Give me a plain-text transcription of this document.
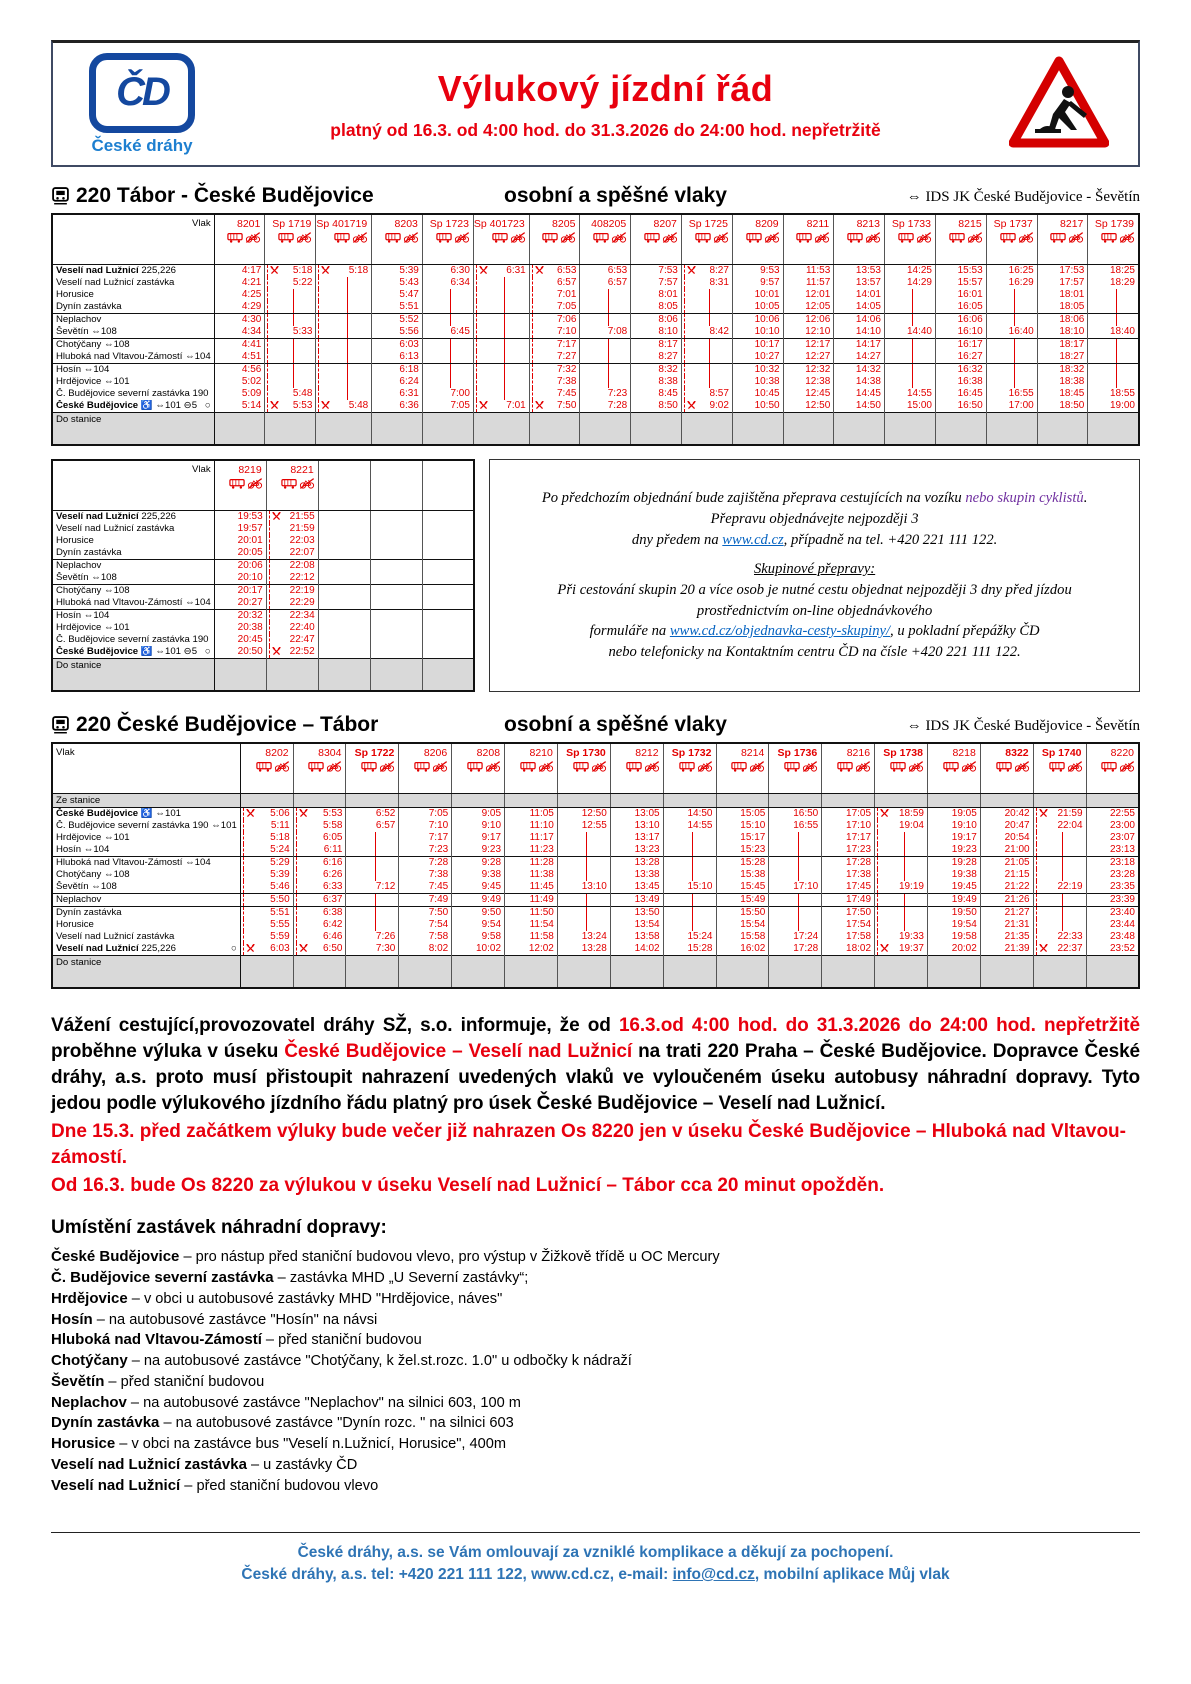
ČD
České dráhy
Výlukový jízdní řád
platný od 16.3. od 4:00 hod. do 31.3.2026 do 24:00 hod. nepřetržitě
220 Tábor - České Budějovice	osobní a spěšné vlaky	⇔ IDS JK České Budějovice - Ševětín
Vlak	8201	Sp 1719	Sp 401719	8203	Sp 1723	Sp 401723	8205	408205	8207	Sp 1725	8209	8211	8213	Sp 1733	8215	Sp 1737	8217	Sp 1739

Veselí nad Lužnicí 225,226	4:17	5:18	5:18	5:39	6:30	6:31	6:53	6:53	7:53	8:27	9:53	11:53	13:53	14:25	15:53	16:25	17:53	18:25
Veselí nad Lužnicí zastávka	4:21	5:22		5:43	6:34		6:57	6:57	7:57	8:31	9:57	11:57	13:57	14:29	15:57	16:29	17:57	18:29
Horusice	4:25			5:47			7:01		8:01		10:01	12:01	14:01		16:01		18:01	

Dynín zastávka	4:29			5:51			7:05		8:05		10:05	12:05	14:05		16:05		18:05	

Neplachov	4:30			5:52			7:06		8:06		10:06	12:06	14:06		16:06		18:06	

Ševětín ⇔108	4:34	5:33		5:56	6:45		7:10	7:08	8:10	8:42	10:10	12:10	14:10	14:40	16:10	16:40	18:10	18:40
Chotýčany ⇔108	4:41			6:03			7:17		8:17		10:17	12:17	14:17		16:17		18:17	

Hluboká nad Vltavou-Zámostí ⇔104	4:51			6:13			7:27		8:27		10:27	12:27	14:27		16:27		18:27	

Hosín ⇔104	4:56			6:18			7:32		8:32		10:32	12:32	14:32		16:32		18:32	

Hrdějovice ⇔101	5:02			6:24			7:38		8:38		10:38	12:38	14:38		16:38		18:38	

Č. Budějovice severní zastávka 190	5:09	5:48		6:31	7:00		7:45	7:23	8:45	8:57	10:45	12:45	14:45	14:55	16:45	16:55	18:45	18:55
České Budějovice ♿ ⇔101 ⊖5 ○	5:14	5:53	5:48	6:36	7:05	7:01	7:50	7:28	8:50	9:02	10:50	12:50	14:50	15:00	16:50	17:00	18:50	19:00
Do stanice																		
Vlak	8219	8221			

Veselí nad Lužnicí 225,226	19:53	21:55			
Veselí nad Lužnicí zastávka	19:57	21:59			
Horusice	20:01	22:03			
Dynín zastávka	20:05	22:07			
Neplachov	20:06	22:08			
Ševětín ⇔108	20:10	22:12			
Chotýčany ⇔108	20:17	22:19			
Hluboká nad Vltavou-Zámostí ⇔104	20:27	22:29			
Hosín ⇔104	20:32	22:34			
Hrdějovice ⇔101	20:38	22:40			
Č. Budějovice severní zastávka 190	20:45	22:47			
České Budějovice ♿ ⇔101 ⊖5 ○	20:50	22:52			
Do stanice					
Po předchozím objednání bude zajištěna přeprava cestujících na vozíku nebo skupin cyklistů.
Přepravu objednávejte nejpozději 3
dny předem na www.cd.cz, případně na tel. +420 221 111 122.
Skupinové přepravy:
Při cestování skupin 20 a více osob je nutné cestu objednat nejpozději 3 dny před jízdou
prostřednictvím on-line objednávkového
formuláře na www.cd.cz/objednavka-cesty-skupiny/, u pokladní přepážky ČD
nebo telefonicky na Kontaktním centru ČD na čísle +420 221 111 122.
220 České Budějovice – Tábor	osobní a spěšné vlaky	⇔ IDS JK České Budějovice - Ševětín
Vlak	8202	8304	Sp 1722	8206	8208	8210	Sp 1730	8212	Sp 1732	8214	Sp 1736	8216	Sp 1738	8218	8322	Sp 1740	8220

Ze stanice																	
České Budějovice ♿ ⇔101	5:06	5:53	6:52	7:05	9:05	11:05	12:50	13:05	14:50	15:05	16:50	17:05	18:59	19:05	20:42	21:59	22:55
Č. Budějovice severní zastávka 190 ⇔101	5:11	5:58	6:57	7:10	9:10	11:10	12:55	13:10	14:55	15:10	16:55	17:10	19:04	19:10	20:47	22:04	23:00
Hrdějovice ⇔101	5:18	6:05		7:17	9:17	11:17		13:17		15:17		17:17		19:17	20:54		23:07
Hosín ⇔104	5:24	6:11		7:23	9:23	11:23		13:23		15:23		17:23		19:23	21:00		23:13
Hluboká nad Vltavou-Zámostí ⇔104	5:29	6:16		7:28	9:28	11:28		13:28		15:28		17:28		19:28	21:05		23:18
Chotýčany ⇔108	5:39	6:26		7:38	9:38	11:38		13:38		15:38		17:38		19:38	21:15		23:28
Ševětín ⇔108	5:46	6:33	7:12	7:45	9:45	11:45	13:10	13:45	15:10	15:45	17:10	17:45	19:19	19:45	21:22	22:19	23:35
Neplachov	5:50	6:37		7:49	9:49	11:49		13:49		15:49		17:49		19:49	21:26		23:39
Dynín zastávka	5:51	6:38		7:50	9:50	11:50		13:50		15:50		17:50		19:50	21:27		23:40
Horusice	5:55	6:42		7:54	9:54	11:54		13:54		15:54		17:54		19:54	21:31		23:44
Veselí nad Lužnicí zastávka	5:59	6:46	7:26	7:58	9:58	11:58	13:24	13:58	15:24	15:58	17:24	17:58	19:33	19:58	21:35	22:33	23:48
Veselí nad Lužnicí 225,226 ○	6:03	6:50	7:30	8:02	10:02	12:02	13:28	14:02	15:28	16:02	17:28	18:02	19:37	20:02	21:39	22:37	23:52
Do stanice																	
Vážení cestující,provozovatel dráhy SŽ, s.o. informuje, že od 16.3.od 4:00 hod. do 31.3.2026 do 24:00 hod. nepřetržitě proběhne výluka v úseku České Budějovice – Veselí nad Lužnicí na trati 220 Praha – České Budějovice. Dopravce České dráhy, a.s. proto musí přistoupit nahrazení uvedených vlaků ve vyloučeném úseku autobusy náhradní dopravy. Tyto jedou podle výlukového jízdního řádu platný pro úsek České Budějovice – Veselí nad Lužnicí.
Dne 15.3. před začátkem výluky bude večer již nahrazen Os 8220 jen v úseku České Budějovice – Hluboká nad Vltavou-zámostí.
Od 16.3. bude Os 8220 za výlukou v úseku Veselí nad Lužnicí – Tábor cca 20 minut opožděn.
Umístění zastávek náhradní dopravy:
České Budějovice – pro nástup před staniční budovou vlevo, pro výstup v Žižkově třídě u OC Mercury
Č. Budějovice severní zastávka – zastávka MHD „U Severní zastávky“;
Hrdějovice – v obci u autobusové zastávky MHD "Hrdějovice, náves"
Hosín – na autobusové zastávce "Hosín" na návsi
Hluboká nad Vltavou-Zámostí – před staniční budovou
Chotýčany – na autobusové zastávce "Chotýčany, k žel.st.rozc. 1.0" u odbočky k nádraží
Ševětín – před staniční budovou
Neplachov – na autobusové zastávce "Neplachov" na silnici 603, 100 m
Dynín zastávka – na autobusové zastávce "Dynín rozc. " na silnici 603
Horusice – v obci na zastávce bus "Veselí n.Lužnicí, Horusice", 400m
Veselí nad Lužnicí zastávka – u zastávky ČD
Veselí nad Lužnicí – před staniční budovou vlevo
České dráhy, a.s. se Vám omlouvají za vzniklé komplikace a děkují za pochopení.
České dráhy, a.s. tel: +420 221 111 122, www.cd.cz, e-mail: info@cd.cz, mobilní aplikace Můj vlak
